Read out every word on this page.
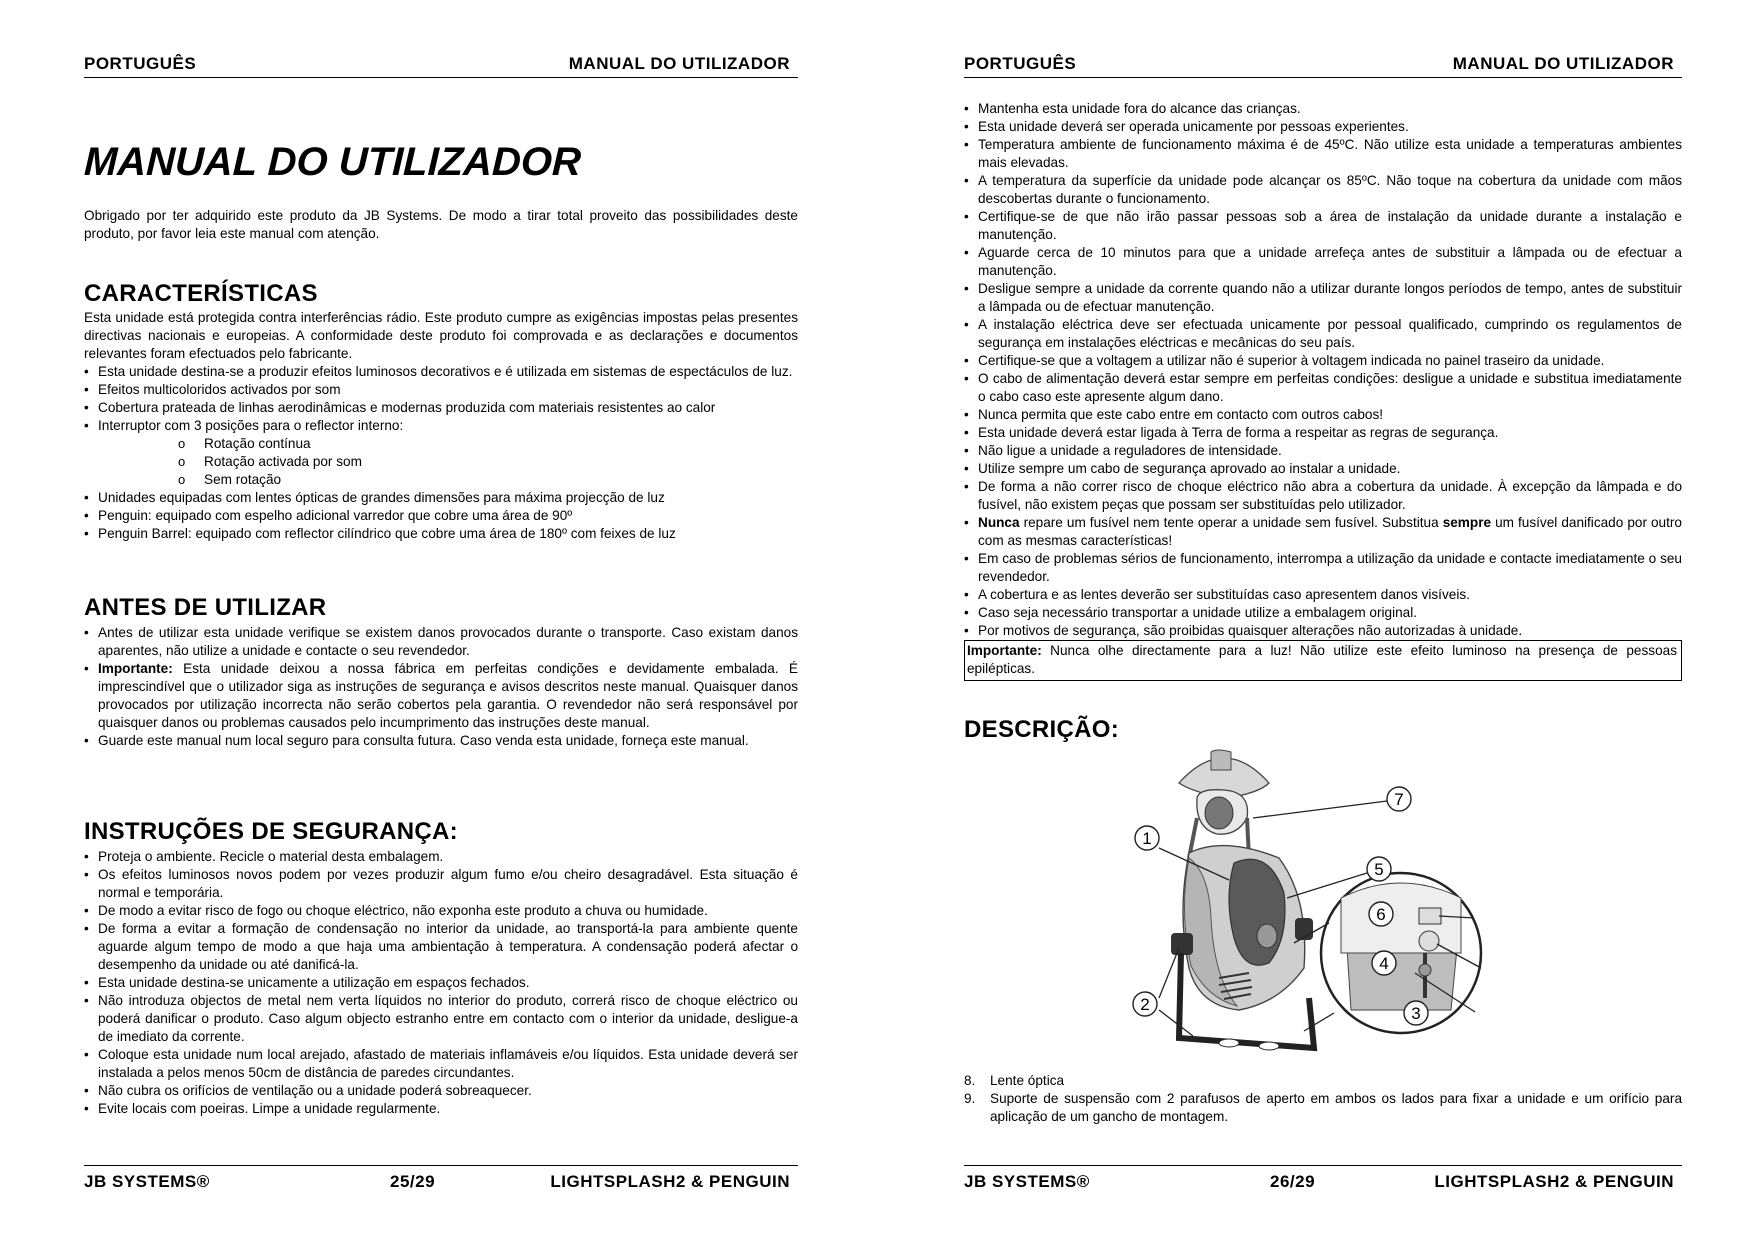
PORTUGUÊS	MANUAL DO UTILIZADOR
MANUAL DO UTILIZADOR
Obrigado por ter adquirido este produto da JB Systems. De modo a tirar total proveito das possibilidades deste produto, por favor leia este manual com atenção.
CARACTERÍSTICAS
Esta unidade está protegida contra interferências rádio. Este produto cumpre as exigências impostas pelas presentes directivas nacionais e europeias. A conformidade deste produto foi comprovada e as declarações e documentos relevantes foram efectuados pelo fabricante.
• Esta unidade destina-se a produzir efeitos luminosos decorativos e é utilizada em sistemas de espectáculos de luz.
• Efeitos multicoloridos activados por som
• Cobertura prateada de linhas aerodinâmicas e modernas produzida com materiais resistentes ao calor
• Interruptor com 3 posições para o reflector interno:
o Rotação contínua
o Rotação activada por som
o Sem rotação
• Unidades equipadas com lentes ópticas de grandes dimensões para máxima projecção de luz
• Penguin: equipado com espelho adicional varredor que cobre uma área de 90º
• Penguin Barrel: equipado com reflector cilíndrico que cobre uma área de 180º com feixes de luz
ANTES DE UTILIZAR
• Antes de utilizar esta unidade verifique se existem danos provocados durante o transporte. Caso existam danos aparentes, não utilize a unidade e contacte o seu revendedor.
• Importante: Esta unidade deixou a nossa fábrica em perfeitas condições e devidamente embalada. É imprescindível que o utilizador siga as instruções de segurança e avisos descritos neste manual. Quaisquer danos provocados por utilização incorrecta não serão cobertos pela garantia. O revendedor não será responsável por quaisquer danos ou problemas causados pelo incumprimento das instruções deste manual.
• Guarde este manual num local seguro para consulta futura. Caso venda esta unidade, forneça este manual.
INSTRUÇÕES DE SEGURANÇA:
• Proteja o ambiente. Recicle o material desta embalagem.
• Os efeitos luminosos novos podem por vezes produzir algum fumo e/ou cheiro desagradável. Esta situação é normal e temporária.
• De modo a evitar risco de fogo ou choque eléctrico, não exponha este produto a chuva ou humidade.
• De forma a evitar a formação de condensação no interior da unidade, ao transportá-la para ambiente quente aguarde algum tempo de modo a que haja uma ambientação à temperatura. A condensação poderá afectar o desempenho da unidade ou até danificá-la.
• Esta unidade destina-se unicamente a utilização em espaços fechados.
• Não introduza objectos de metal nem verta líquidos no interior do produto, correrá risco de choque eléctrico ou poderá danificar o produto. Caso algum objecto estranho entre em contacto com o interior da unidade, desligue-a de imediato da corrente.
• Coloque esta unidade num local arejado, afastado de materiais inflamáveis e/ou líquidos. Esta unidade deverá ser instalada a pelos menos 50cm de distância de paredes circundantes.
• Não cubra os orifícios de ventilação ou a unidade poderá sobreaquecer.
• Evite locais com poeiras. Limpe a unidade regularmente.
JB SYSTEMS®	25/29	LIGHTSPLASH2 & PENGUIN
PORTUGUÊS	MANUAL DO UTILIZADOR
• Mantenha esta unidade fora do alcance das crianças.
• Esta unidade deverá ser operada unicamente por pessoas experientes.
• Temperatura ambiente de funcionamento máxima é de 45ºC. Não utilize esta unidade a temperaturas ambientes mais elevadas.
• A temperatura da superfície da unidade pode alcançar os 85ºC. Não toque na cobertura da unidade com mãos descobertas durante o funcionamento.
• Certifique-se de que não irão passar pessoas sob a área de instalação da unidade durante a instalação e manutenção.
• Aguarde cerca de 10 minutos para que a unidade arrefeça antes de substituir a lâmpada ou de efectuar a manutenção.
• Desligue sempre a unidade da corrente quando não a utilizar durante longos períodos de tempo, antes de substituir a lâmpada ou de efectuar manutenção.
• A instalação eléctrica deve ser efectuada unicamente por pessoal qualificado, cumprindo os regulamentos de segurança em instalações eléctricas e mecânicas do seu país.
• Certifique-se que a voltagem a utilizar não é superior à voltagem indicada no painel traseiro da unidade.
• O cabo de alimentação deverá estar sempre em perfeitas condições: desligue a unidade e substitua imediatamente o cabo caso este apresente algum dano.
• Nunca permita que este cabo entre em contacto com outros cabos!
• Esta unidade deverá estar ligada à Terra de forma a respeitar as regras de segurança.
• Não ligue a unidade a reguladores de intensidade.
• Utilize sempre um cabo de segurança aprovado ao instalar a unidade.
• De forma a não correr risco de choque eléctrico não abra a cobertura da unidade. À excepção da lâmpada e do fusível, não existem peças que possam ser substituídas pelo utilizador.
• Nunca repare um fusível nem tente operar a unidade sem fusível. Substitua sempre um fusível danificado por outro com as mesmas características!
• Em caso de problemas sérios de funcionamento, interrompa a utilização da unidade e contacte imediatamente o seu revendedor.
• A cobertura e as lentes deverão ser substituídas caso apresentem danos visíveis.
• Caso seja necessário transportar a unidade utilize a embalagem original.
• Por motivos de segurança, são proibidas quaisquer alterações não autorizadas à unidade.
Importante: Nunca olhe directamente para a luz! Não utilize este efeito luminoso na presença de pessoas epilépticas.
DESCRIÇÃO:
7
1
5
6
4
3
2
8. Lente óptica
9. Suporte de suspensão com 2 parafusos de aperto em ambos os lados para fixar a unidade e um orifício para aplicação de um gancho de montagem.
JB SYSTEMS®	26/29	LIGHTSPLASH2 & PENGUIN
